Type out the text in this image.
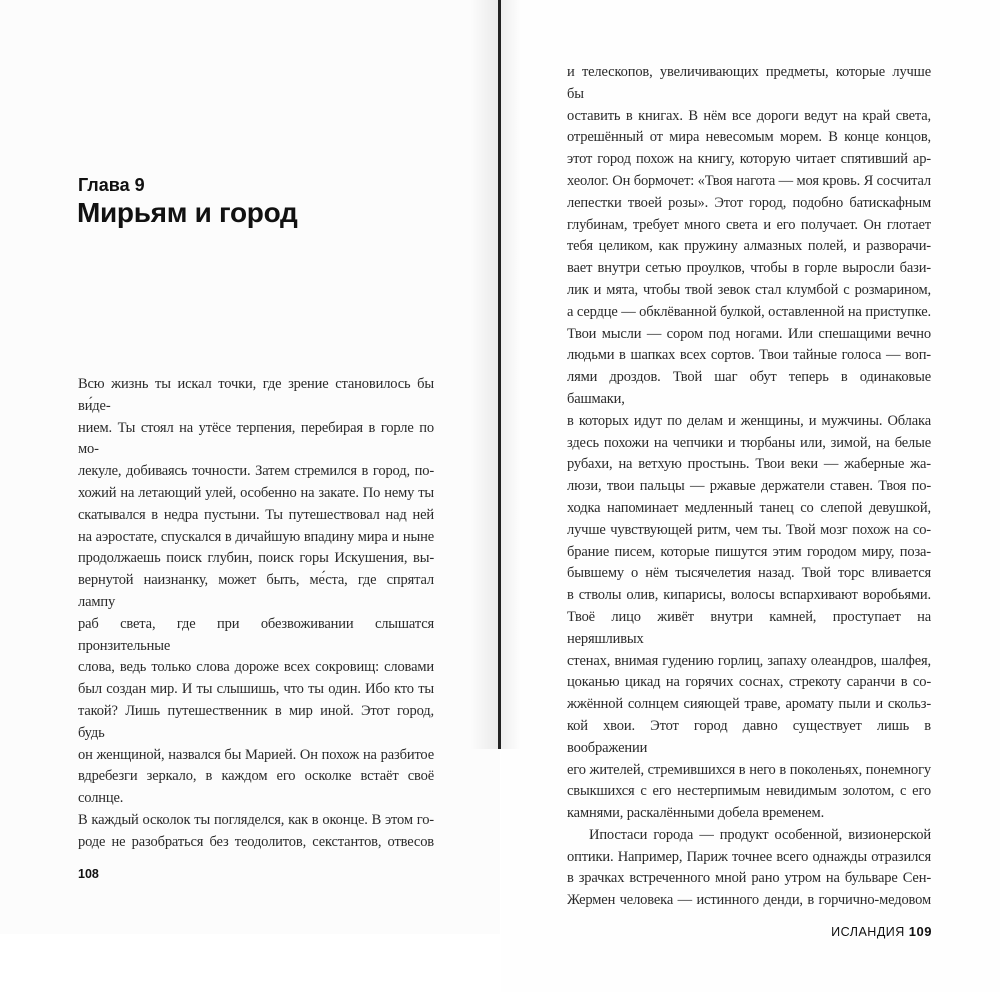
Глава 9
Мирьям и город
Всю жизнь ты искал точки, где зрение становилось бы ви́де-
нием. Ты стоял на утёсе терпения, перебирая в горле по мо-
лекуле, добиваясь точности. Затем стремился в город, по-
хожий на летающий улей, особенно на закате. По нему ты
скатывался в недра пустыни. Ты путешествовал над ней
на аэростате, спускался в дичайшую впадину мира и ныне
продолжаешь поиск глубин, поиск горы Искушения, вы-
вернутой наизнанку, может быть, ме́ста, где спрятал лампу
раб света, где при обезвоживании слышатся пронзительные
слова, ведь только слова дороже всех сокровищ: словами
был создан мир. И ты слышишь, что ты один. Ибо кто ты
такой? Лишь путешественник в мир иной. Этот город, будь
он женщиной, назвался бы Марией. Он похож на разбитое
вдребезги зеркало, в каждом его осколке встаёт своё солнце.
В каждый осколок ты погляделся, как в оконце. В этом го-
роде не разобраться без теодолитов, секстантов, отвесов
108
и телескопов, увеличивающих предметы, которые лучше бы
оставить в книгах. В нём все дороги ведут на край света,
отрешённый от мира невесомым морем. В конце концов,
этот город похож на книгу, которую читает спятивший ар-
хеолог. Он бормочет: «Твоя нагота — моя кровь. Я сосчитал
лепестки твоей розы». Этот город, подобно батискафным
глубинам, требует много света и его получает. Он глотает
тебя целиком, как пружину алмазных полей, и разворачи-
вает внутри сетью проулков, чтобы в горле выросли бази-
лик и мята, чтобы твой зевок стал клумбой с розмарином,
а сердце — обклёванной булкой, оставленной на приступке.
Твои мысли — сором под ногами. Или спешащими вечно
людьми в шапках всех сортов. Твои тайные голоса — воп-
лями дроздов. Твой шаг обут теперь в одинаковые башмаки,
в которых идут по делам и женщины, и мужчины. Облака
здесь похожи на чепчики и тюрбаны или, зимой, на белые
рубахи, на ветхую простынь. Твои веки — жаберные жа-
люзи, твои пальцы — ржавые держатели ставен. Твоя по-
ходка напоминает медленный танец со слепой девушкой,
лучше чувствующей ритм, чем ты. Твой мозг похож на со-
брание писем, которые пишутся этим городом миру, поза-
бывшему о нём тысячелетия назад. Твой торс вливается
в стволы олив, кипарисы, волосы вспархивают воробьями.
Твоё лицо живёт внутри камней, проступает на неряшливых
стенах, внимая гудению горлиц, запаху олеандров, шалфея,
цоканью цикад на горячих соснах, стрекоту саранчи в со-
жжённой солнцем сияющей траве, аромату пыли и скольз-
кой хвои. Этот город давно существует лишь в воображении
его жителей, стремившихся в него в поколеньях, понемногу
свыкшихся с его нестерпимым невидимым золотом, с его
камнями, раскалёнными добела временем.
Ипостаси города — продукт особенной, визионерской
оптики. Например, Париж точнее всего однажды отразился
в зрачках встреченного мной рано утром на бульваре Сен-
Жермен человека — истинного денди, в горчично-медовом
ИСЛАНДИЯ 109
